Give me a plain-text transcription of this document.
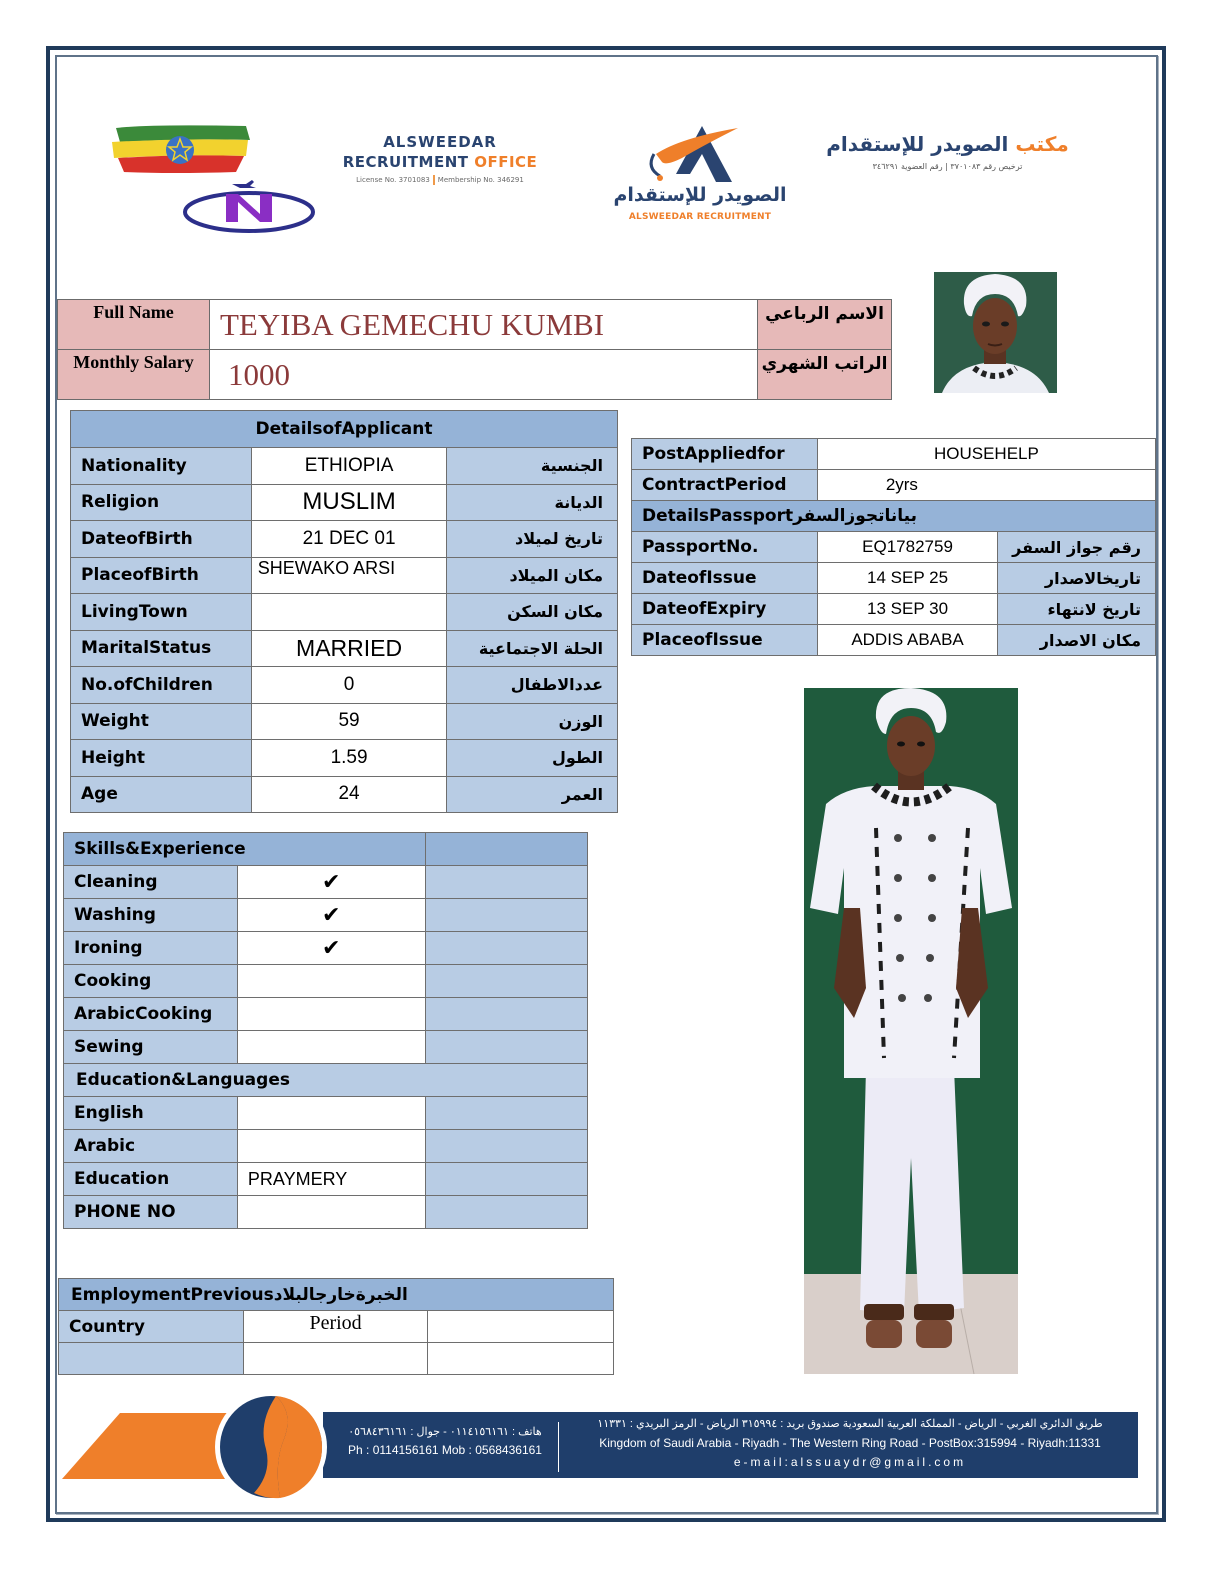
ALSWEEDAR
RECRUITMENT OFFICE
License No. 3701083 Membership No. 346291
الصويدر للإستقدام
ALSWEEDAR RECRUITMENT
مكتب الصويدر للإستقدام
ترخيص رقم ٣٧٠١٠٨٣ | رقم العضوية ٣٤٦٢٩١
Full Name	TEYIBA GEMECHU KUMBI	الاسم الرباعي
Monthly Salary	1000	الراتب الشهري
DetailsofApplicant		
Nationality	ETHIOPIA	الجنسية
Religion	MUSLIM	الديانة
DateofBirth	21 DEC 01	تاريخ لميلاد
PlaceofBirth	SHEWAKO ARSI	مكان الميلاد
LivingTown		مكان السكن
MaritalStatus	MARRIED	الحلة الاجتماعية
No.ofChildren	0	عددالاطفال
Weight	59	الوزن
Height	1.59	الطول
Age	24	العمر
PostAppliedfor	HOUSEHELP	
ContractPeriod	2yrs	
DetailsPassportبياناتجوزالسفر		
PassportNo.	EQ1782759	رقم جواز السفر
DateofIssue	14 SEP 25	تاريخالاصدار
DateofExpiry	13 SEP 30	تاريخ لانتهاء
PlaceofIssue	ADDIS ABABA	مكان الاصدار
Skills&Experience		
Cleaning	✔	
Washing	✔	
Ironing	✔	
Cooking		
ArabicCooking		
Sewing		
Education&Languages		
English		
Arabic		
Education	PRAYMERY	
PHONE NO		
EmploymentPreviousالخبرةخارجالبلاد		
Country	Period	

هاتف : ٠١١٤١٥٦١٦١ - جوال : ٠٥٦٨٤٣٦١٦١
Ph : 0114156161 Mob : 0568436161
طريق الدائري الغربي - الرياض - المملكة العربية السعودية صندوق بريد : ٣١٥٩٩٤ الرياض - الرمز البريدي : ١١٣٣١
Kingdom of Saudi Arabia - Riyadh - The Western Ring Road - PostBox:315994 - Riyadh:11331
e-mail:alssuaydr@gmail.com
